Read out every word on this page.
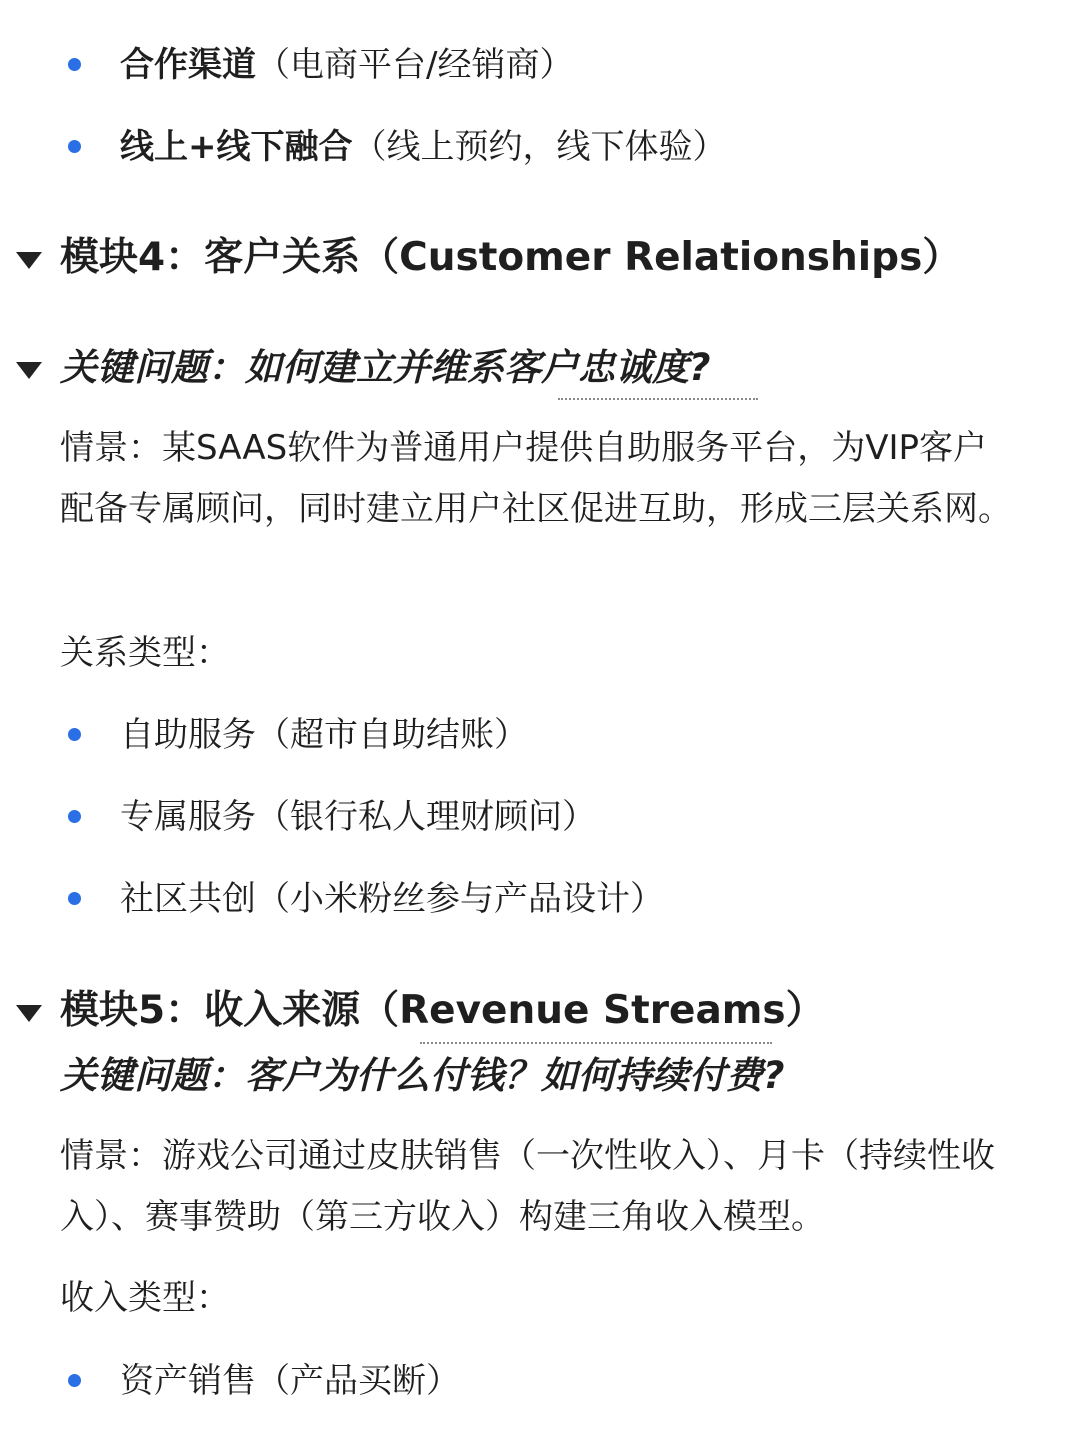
合作渠道（电商平台/经销商）
线上+线下融合（线上预约，线下体验）
模块4：客户关系（Customer Relationships）
关键问题：如何建立并维系客户忠诚度?
情景：某SAAS软件为普通用户提供自助服务平台，为VIP客户配备专属顾问，同时建立用户社区促进互助，形成三层关系网。
关系类型：
自助服务（超市自助结账）
专属服务（银行私人理财顾问）
社区共创（小米粉丝参与产品设计）
模块5：收入来源（Revenue Streams）
关键问题：客户为什么付钱？如何持续付费?
情景：游戏公司通过皮肤销售（一次性收入）、月卡（持续性收入）、赛事赞助（第三方收入）构建三角收入模型。
收入类型：
资产销售（产品买断）
